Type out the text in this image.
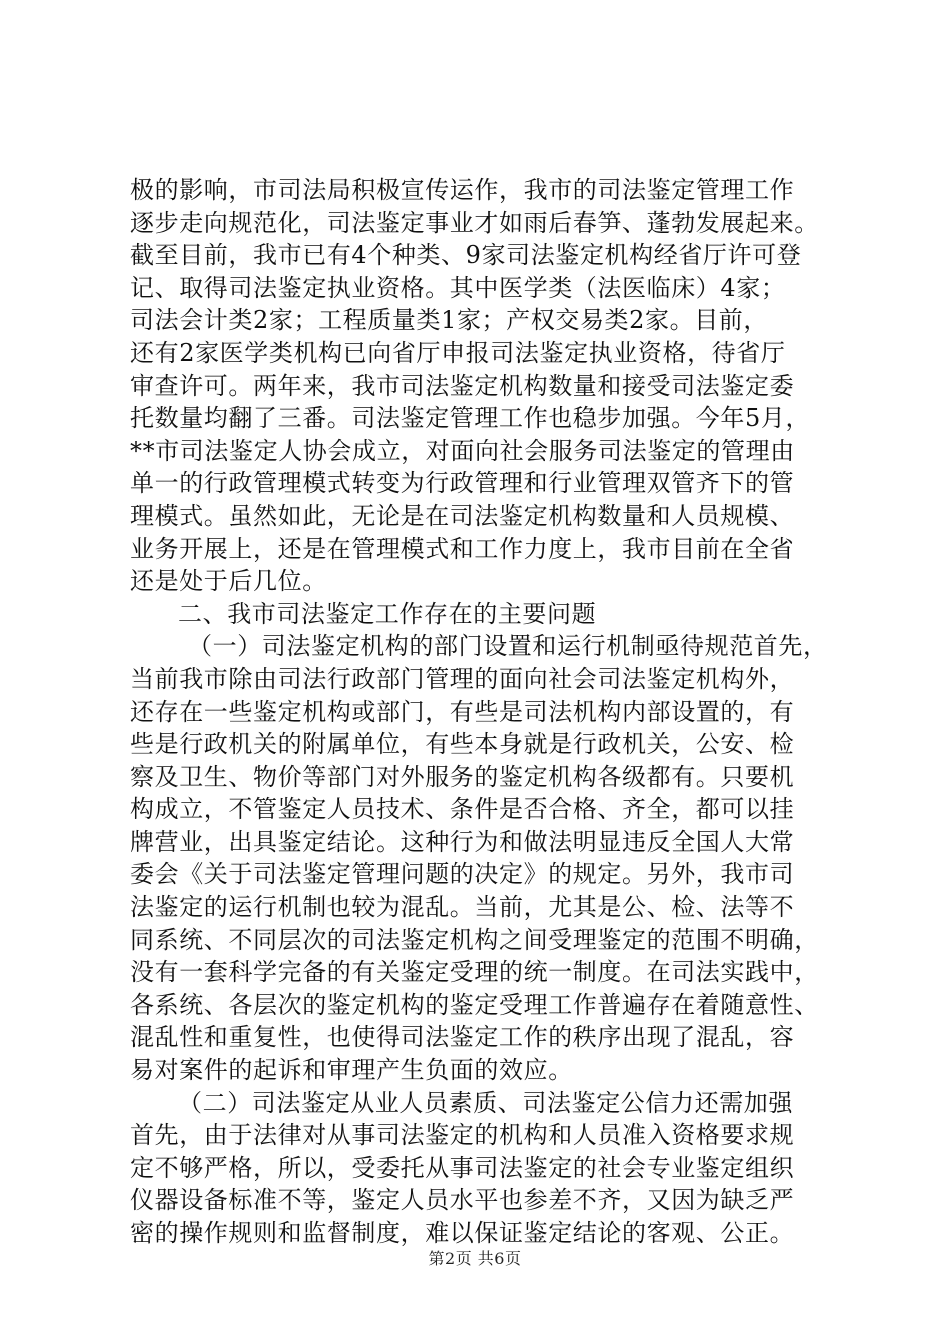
极的影响，市司法局积极宣传运作，我市的司法鉴定管理工作
逐步走向规范化，司法鉴定事业才如雨后春笋、蓬勃发展起来。
截至目前，我市已有4个种类、9家司法鉴定机构经省厅许可登
记、取得司法鉴定执业资格。其中医学类（法医临床）4家；
司法会计类2家；工程质量类1家；产权交易类2家。目前，
还有2家医学类机构已向省厅申报司法鉴定执业资格，待省厅
审查许可。两年来，我市司法鉴定机构数量和接受司法鉴定委
托数量均翻了三番。司法鉴定管理工作也稳步加强。今年5月，
**市司法鉴定人协会成立，对面向社会服务司法鉴定的管理由
单一的行政管理模式转变为行政管理和行业管理双管齐下的管
理模式。虽然如此，无论是在司法鉴定机构数量和人员规模、
业务开展上，还是在管理模式和工作力度上，我市目前在全省
还是处于后几位。
二、我市司法鉴定工作存在的主要问题
（一）司法鉴定机构的部门设置和运行机制亟待规范首先，
当前我市除由司法行政部门管理的面向社会司法鉴定机构外，
还存在一些鉴定机构或部门，有些是司法机构内部设置的，有
些是行政机关的附属单位，有些本身就是行政机关，公安、检
察及卫生、物价等部门对外服务的鉴定机构各级都有。只要机
构成立，不管鉴定人员技术、条件是否合格、齐全，都可以挂
牌营业，出具鉴定结论。这种行为和做法明显违反全国人大常
委会《关于司法鉴定管理问题的决定》的规定。另外，我市司
法鉴定的运行机制也较为混乱。当前，尤其是公、检、法等不
同系统、不同层次的司法鉴定机构之间受理鉴定的范围不明确，
没有一套科学完备的有关鉴定受理的统一制度。在司法实践中，
各系统、各层次的鉴定机构的鉴定受理工作普遍存在着随意性、
混乱性和重复性，也使得司法鉴定工作的秩序出现了混乱，容
易对案件的起诉和审理产生负面的效应。
（二）司法鉴定从业人员素质、司法鉴定公信力还需加强
首先，由于法律对从事司法鉴定的机构和人员准入资格要求规
定不够严格，所以，受委托从事司法鉴定的社会专业鉴定组织
仪器设备标准不等，鉴定人员水平也参差不齐，又因为缺乏严
密的操作规则和监督制度，难以保证鉴定结论的客观、公正。
第2页 共6页
